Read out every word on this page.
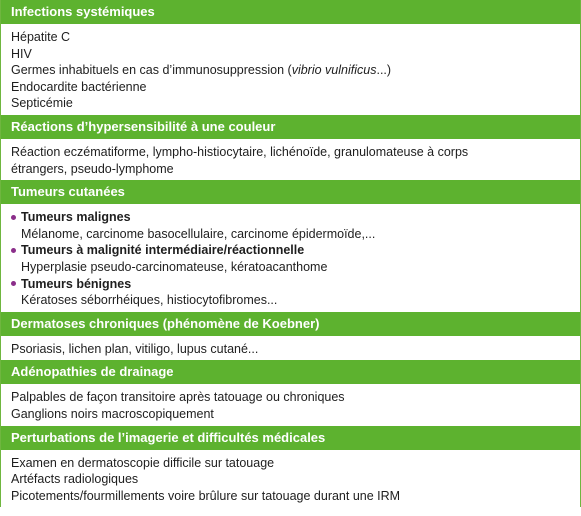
Infections systémiques
Hépatite C
HIV
Germes inhabituels en cas d’immunosuppression (vibrio vulnificus...)
Endocardite bactérienne
Septicémie
Réactions d’hypersensibilité à une couleur
Réaction eczématiforme, lympho-histiocytaire, lichénoïde, granulomateuse à corps
étrangers, pseudo-lymphome
Tumeurs cutanées
Tumeurs malignes
Mélanome, carcinome basocellulaire, carcinome épidermoïde,...
Tumeurs à malignité intermédiaire/réactionnelle
Hyperplasie pseudo-carcinomateuse, kératoacanthome
Tumeurs bénignes
Kératoses séborrhéiques, histiocytofibromes...
Dermatoses chroniques (phénomène de Koebner)
Psoriasis, lichen plan, vitiligo, lupus cutané...
Adénopathies de drainage
Palpables de façon transitoire après tatouage ou chroniques
Ganglions noirs macroscopiquement
Perturbations de l’imagerie et difficultés médicales
Examen en dermatoscopie difficile sur tatouage
Artéfacts radiologiques
Picotements/fourmillements voire brûlure sur tatouage durant une IRM
